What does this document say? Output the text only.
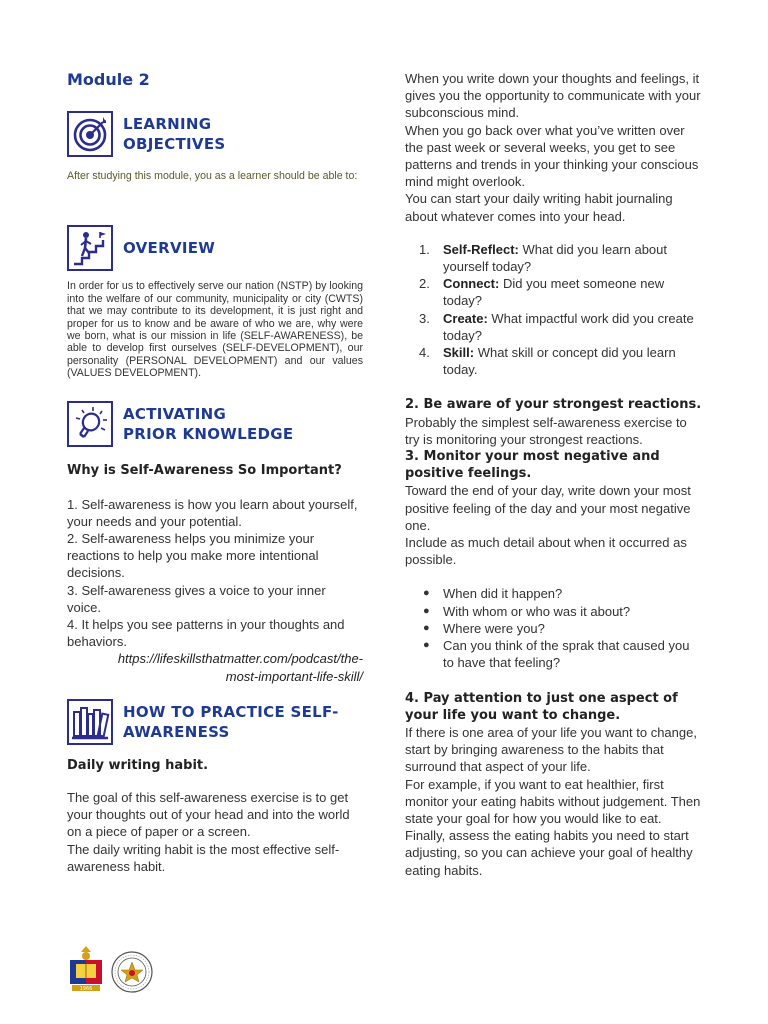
Module 2
LEARNING
OBJECTIVES
After studying this module, you as a learner should be able to:
OVERVIEW
In order for us to effectively serve our nation (NSTP) by looking into the welfare of our community, municipality or city (CWTS) that we may contribute to its development, it is just right and proper for us to know and be aware of who we are, why were we born, what is our mission in life (SELF-AWARENESS), be able to develop first ourselves (SELF-DEVELOPMENT), our personality (PERSONAL DEVELOPMENT) and our values (VALUES DEVELOPMENT).
ACTIVATING
PRIOR KNOWLEDGE
Why is Self-Awareness So Important?
1. Self-awareness is how you learn about yourself, your needs and your potential.
2. Self-awareness helps you minimize your reactions to help you make more intentional decisions.
3. Self-awareness gives a voice to your inner voice.
4. It helps you see patterns in your thoughts and behaviors.
https://lifeskillsthatmatter.com/podcast/the-
most-important-life-skill/
HOW TO PRACTICE SELF-
AWARENESS
Daily writing habit.
The goal of this self-awareness exercise is to get your thoughts out of your head and into the world on a piece of paper or a screen.
The daily writing habit is the most effective self-awareness habit.
When you write down your thoughts and feelings, it gives you the opportunity to communicate with your subconscious mind.
When you go back over what you’ve written over the past week or several weeks, you get to see patterns and trends in your thinking your conscious mind might overlook.
You can start your daily writing habit journaling about whatever comes into your head.
1.	Self-Reflect: What did you learn about yourself today?
2.	Connect: Did you meet someone new today?
3.	Create: What impactful work did you create today?
4.	Skill: What skill or concept did you learn today.
2. Be aware of your strongest reactions.
Probably the simplest self-awareness exercise to try is monitoring your strongest reactions.
3. Monitor your most negative and positive feelings.
Toward the end of your day, write down your most positive feeling of the day and your most negative one.
Include as much detail about when it occurred as possible.
●	When did it happen?
●	With whom or who was it about?
●	Where were you?
●	Can you think of the sprak that caused you to have that feeling?
4. Pay attention to just one aspect of your life you want to change.
If there is one area of your life you want to change, start by bringing awareness to the habits that surround that aspect of your life.
For example, if you want to eat healthier, first monitor your eating habits without judgement. Then state your goal for how you would like to eat.
Finally, assess the eating habits you need to start adjusting, so you can achieve your goal of healthy eating habits.
1966
